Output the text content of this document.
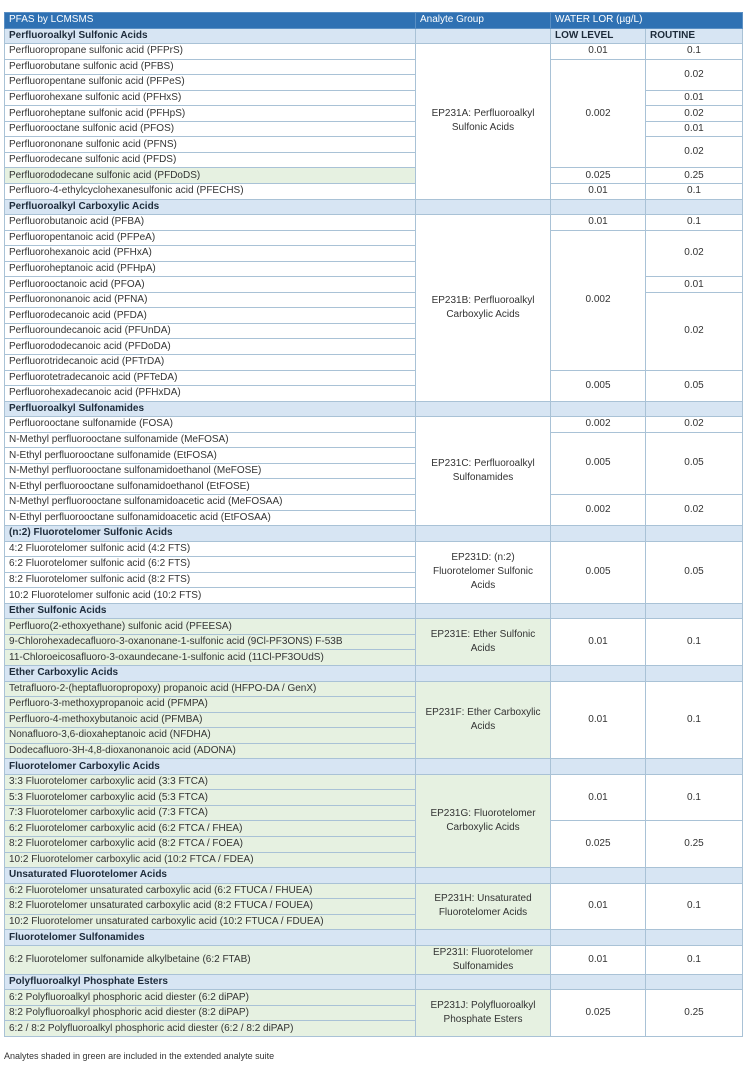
PFAS by LCMSMS	Analyte Group	WATER LOR (µg/L)	
Perfluoroalkyl Sulfonic Acids		LOW LEVEL	ROUTINE
Perfluoropropane sulfonic acid (PFPrS)	EP231A: Perfluoroalkyl Sulfonic Acids	0.01	0.1
Perfluorobutane sulfonic acid (PFBS)		0.002	0.02
Perfluoropentane sulfonic acid (PFPeS)			
Perfluorohexane sulfonic acid (PFHxS)			0.01
Perfluoroheptane sulfonic acid (PFHpS)			0.02
Perfluorooctane sulfonic acid (PFOS)			0.01
Perfluorononane sulfonic acid (PFNS)			0.02
Perfluorodecane sulfonic acid (PFDS)			
Perfluorododecane sulfonic acid (PFDoDS)		0.025	0.25
Perfluoro-4-ethylcyclohexanesulfonic acid (PFECHS)		0.01	0.1
Perfluoroalkyl Carboxylic Acids			
Perfluorobutanoic acid (PFBA)	EP231B: Perfluoroalkyl Carboxylic Acids	0.01	0.1
Perfluoropentanoic acid (PFPeA)		0.002	0.02
Perfluorohexanoic acid (PFHxA)			
Perfluoroheptanoic acid (PFHpA)			
Perfluorooctanoic acid (PFOA)			0.01
Perfluorononanoic acid (PFNA)			0.02
Perfluorodecanoic acid (PFDA)			
Perfluoroundecanoic acid (PFUnDA)			
Perfluorododecanoic acid (PFDoDA)			
Perfluorotridecanoic acid (PFTrDA)			
Perfluorotetradecanoic acid (PFTeDA)		0.005	0.05
Perfluorohexadecanoic acid (PFHxDA)			
Perfluoroalkyl Sulfonamides			
Perfluorooctane sulfonamide (FOSA)	EP231C: Perfluoroalkyl Sulfonamides	0.002	0.02
N-Methyl perfluorooctane sulfonamide (MeFOSA)		0.005	0.05
N-Ethyl perfluorooctane sulfonamide (EtFOSA)			
N-Methyl perfluorooctane sulfonamidoethanol (MeFOSE)			
N-Ethyl perfluorooctane sulfonamidoethanol (EtFOSE)			
N-Methyl perfluorooctane sulfonamidoacetic acid (MeFOSAA)		0.002	0.02
N-Ethyl perfluorooctane sulfonamidoacetic acid (EtFOSAA)			
(n:2) Fluorotelomer Sulfonic Acids			
4:2 Fluorotelomer sulfonic acid (4:2 FTS)	EP231D: (n:2) Fluorotelomer Sulfonic Acids	0.005	0.05
6:2 Fluorotelomer sulfonic acid (6:2 FTS)			
8:2 Fluorotelomer sulfonic acid (8:2 FTS)			
10:2 Fluorotelomer sulfonic acid (10:2 FTS)			
Ether Sulfonic Acids			
Perfluoro(2-ethoxyethane) sulfonic acid (PFEESA)	EP231E: Ether Sulfonic Acids	0.01	0.1
9-Chlorohexadecafluoro-3-oxanonane-1-sulfonic acid (9Cl-PF3ONS) F-53B			
11-Chloroeicosafluoro-3-oxaundecane-1-sulfonic acid (11Cl-PF3OUdS)			
Ether Carboxylic Acids			
Tetrafluoro-2-(heptafluoropropoxy) propanoic acid (HFPO-DA / GenX)	EP231F: Ether Carboxylic Acids	0.01	0.1
Perfluoro-3-methoxypropanoic acid (PFMPA)			
Perfluoro-4-methoxybutanoic acid (PFMBA)			
Nonafluoro-3,6-dioxaheptanoic acid (NFDHA)			
Dodecafluoro-3H-4,8-dioxanonanoic acid (ADONA)			
Fluorotelomer Carboxylic Acids			
3:3 Fluorotelomer carboxylic acid (3:3 FTCA)	EP231G: Fluorotelomer Carboxylic Acids	0.01	0.1
5:3 Fluorotelomer carboxylic acid (5:3 FTCA)			
7:3 Fluorotelomer carboxylic acid (7:3 FTCA)			
6:2 Fluorotelomer carboxylic acid (6:2 FTCA / FHEA)		0.025	0.25
8:2 Fluorotelomer carboxylic acid (8:2 FTCA / FOEA)			
10:2 Fluorotelomer carboxylic acid (10:2 FTCA / FDEA)			
Unsaturated Fluorotelomer Acids			
6:2 Fluorotelomer unsaturated carboxylic acid (6:2 FTUCA / FHUEA)	EP231H: Unsaturated Fluorotelomer Acids	0.01	0.1
8:2 Fluorotelomer unsaturated carboxylic acid (8:2 FTUCA / FOUEA)			
10:2 Fluorotelomer unsaturated carboxylic acid (10:2 FTUCA / FDUEA)			
Fluorotelomer Sulfonamides			
6:2 Fluorotelomer sulfonamide alkylbetaine (6:2 FTAB)	EP231I: Fluorotelomer Sulfonamides	0.01	0.1
Polyfluoroalkyl Phosphate Esters			
6:2 Polyfluoroalkyl phosphoric acid diester (6:2 diPAP)	EP231J: Polyfluoroalkyl Phosphate Esters	0.025	0.25
8:2 Polyfluoroalkyl phosphoric acid diester (8:2 diPAP)			
6:2 / 8:2 Polyfluoroalkyl phosphoric acid diester (6:2 / 8:2 diPAP)			
Analytes shaded in green are included in the extended analyte suite
